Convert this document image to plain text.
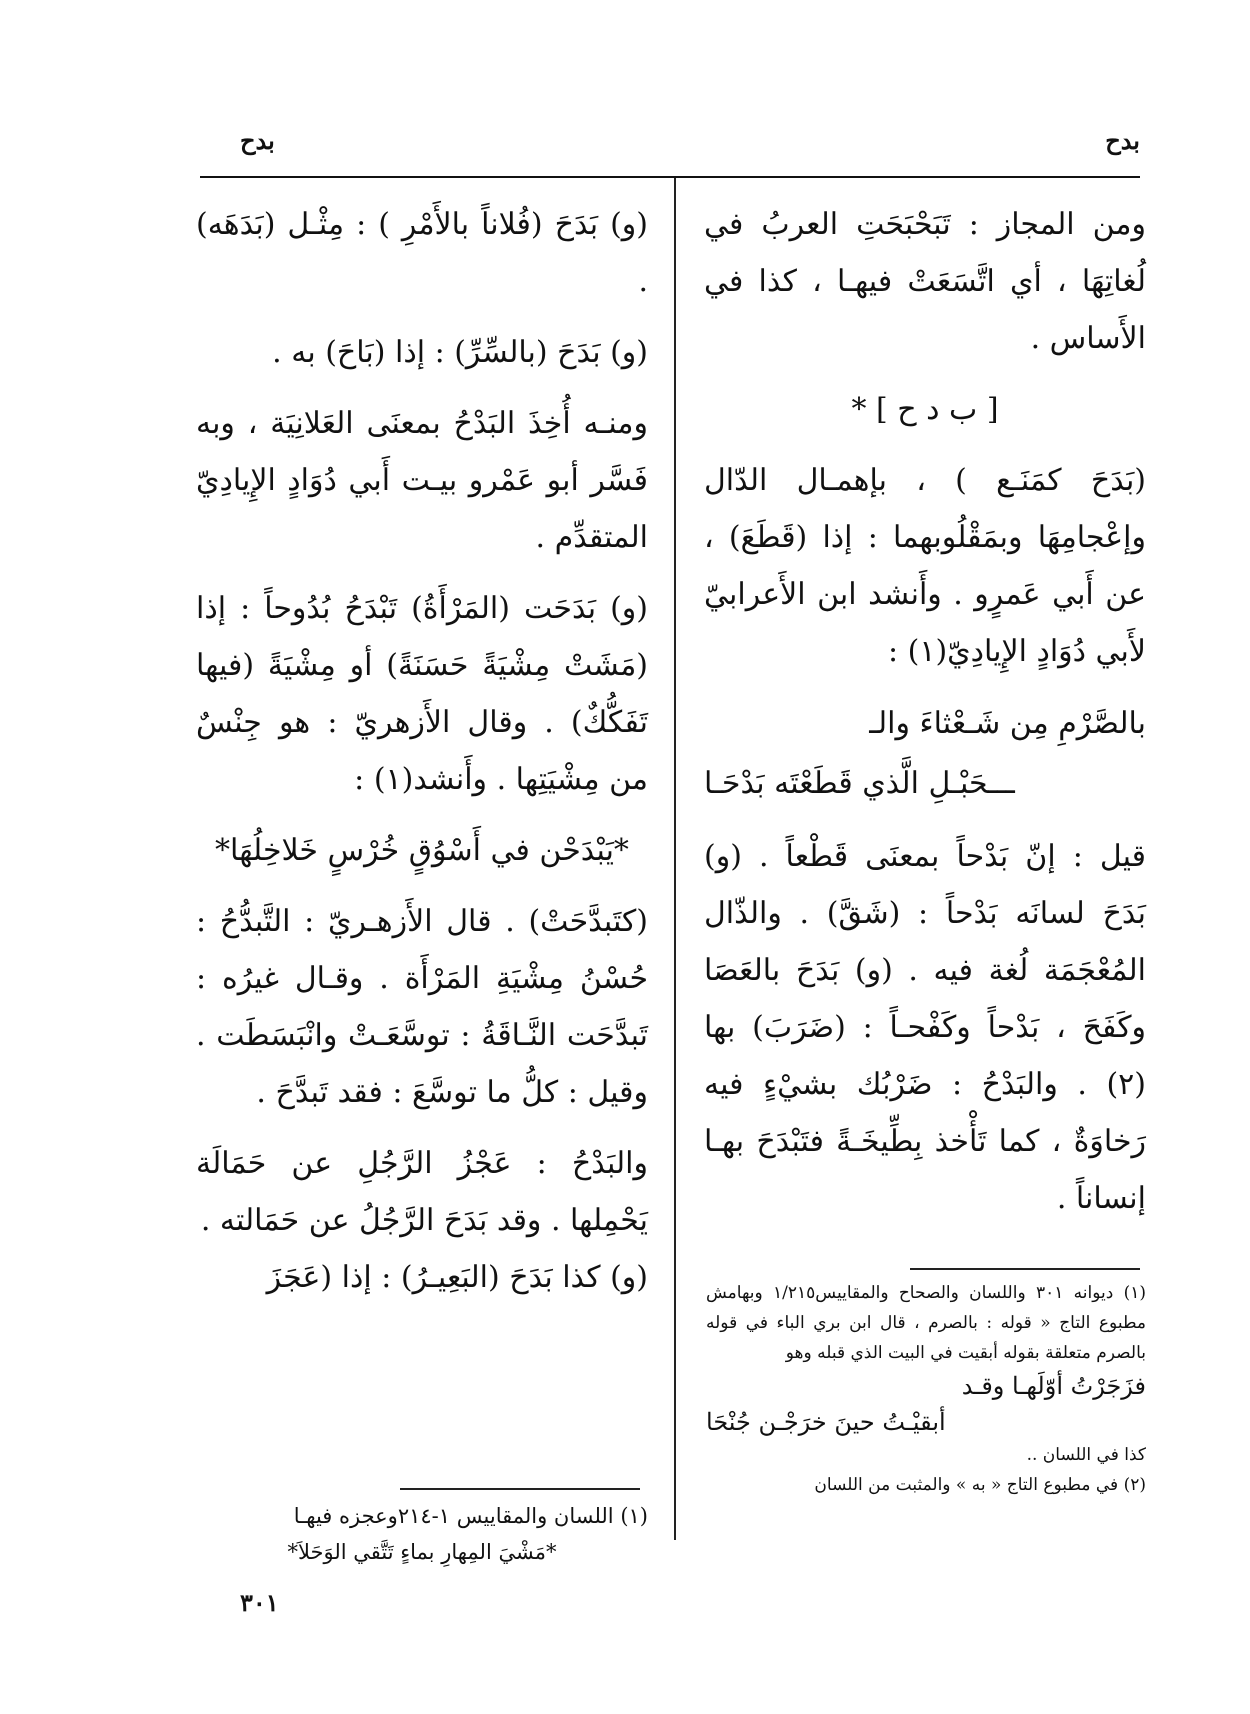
بدح
بدح

ومن المجاز : تَبَحْبَحَتِ العربُ في لُغاتِهَا ، أي اتَّسَعَتْ فيهـا ، كذا في الأَساس .

[ ب د ح ] *

(بَدَحَ كمَنَـع ) ، بإهمـال الدّال وإعْجامِهَا وبمَقْلُوبهما : إذا (قَطَعَ) ، عن أَبي عَمرٍو . وأَنشد ابن الأَعرابيّ لأَبي دُوَادٍ الإِيادِيّ(١) :

بالصَّرْمِ مِن شَـعْثاءَ والـ

ـــحَبْـلِ الَّذي قَطَعْتَه بَدْحَـا

قيل : إنّ بَدْحاً بمعنَى قَطْعاً . (و) بَدَحَ لسانَه بَدْحاً : (شَقَّ) . والذّال المُعْجَمَة لُغة فيه . (و) بَدَحَ بالعَصَا وكَفَحَ ، بَدْحاً وكَفْحـاً : (ضَرَبَ) بها (٢) . والبَدْحُ : ضَرْبُك بشيْءٍ فيه رَخاوَةٌ ، كما تَأْخذ بِطِّيخَـةً فتَبْدَحَ بهـا إنساناً .

(و) بَدَحَ (فُلاناً بالأَمْرِ ) : مِثْـل (بَدَهَه) .

(و) بَدَحَ (بالسِّرِّ) : إذا (بَاحَ) به .

ومنـه أُخِذَ البَدْحُ بمعنَى العَلانِيَة ، وبه فَسَّر أبو عَمْرو بيـت أَبي دُوَادٍ الإِيادِيّ المتقدِّم .

(و) بَدَحَت (المَرْأَةُ) تَبْدَحُ بُدُوحاً : إذا (مَشَتْ مِشْيَةً حَسَنَةً) أو مِشْيَةً (فيها تَفَكُّكٌ) . وقال الأَزهريّ : هو جِنْسٌ من مِشْيَتِها . وأَنشد(١) :

*يَبْدَحْن في أَسْوُقٍ خُرْسٍ خَلاخِلُهَا*

(كتَبدَّحَتْ) . قال الأَزهـريّ : التَّبدُّحُ : حُسْنُ مِشْيَةِ المَرْأَة . وقـال غيرُه : تَبدَّحَت النَّـاقَةُ : توسَّعَـتْ وانْبَسَطَت . وقيل : كلُّ ما توسَّعَ : فقد تَبدَّحَ .

والبَدْحُ : عَجْزُ الرَّجُلِ عن حَمَالَة يَحْمِلها . وقد بَدَحَ الرَّجُلُ عن حَمَالته .

(و) كذا بَدَحَ (البَعِيـرُ) : إذا (عَجَزَ	(١) ديوانه ٣٠١ واللسان والصحاح والمقاييس١/٢١٥ وبهامش مطبوع التاج « قوله : بالصرم ، قال ابن بري الباء في قوله بالصرم متعلقة بقوله أبقيت في البيت الذي قبله وهو

فزَجَرْتُ أوّلَهـا وقـد

أبقيْـتُ حينَ خرَجْـن جُنْحَا

كذا في اللسان ..

(٢) في مطبوع التاج « به » والمثبت من اللسان

(١) اللسان والمقاييس ١-٢١٤وعجزه فيهـا

*مَشْيَ المِهارِ بماءٍ تَتَّقي الوَحَلاَ*

٣٠١
